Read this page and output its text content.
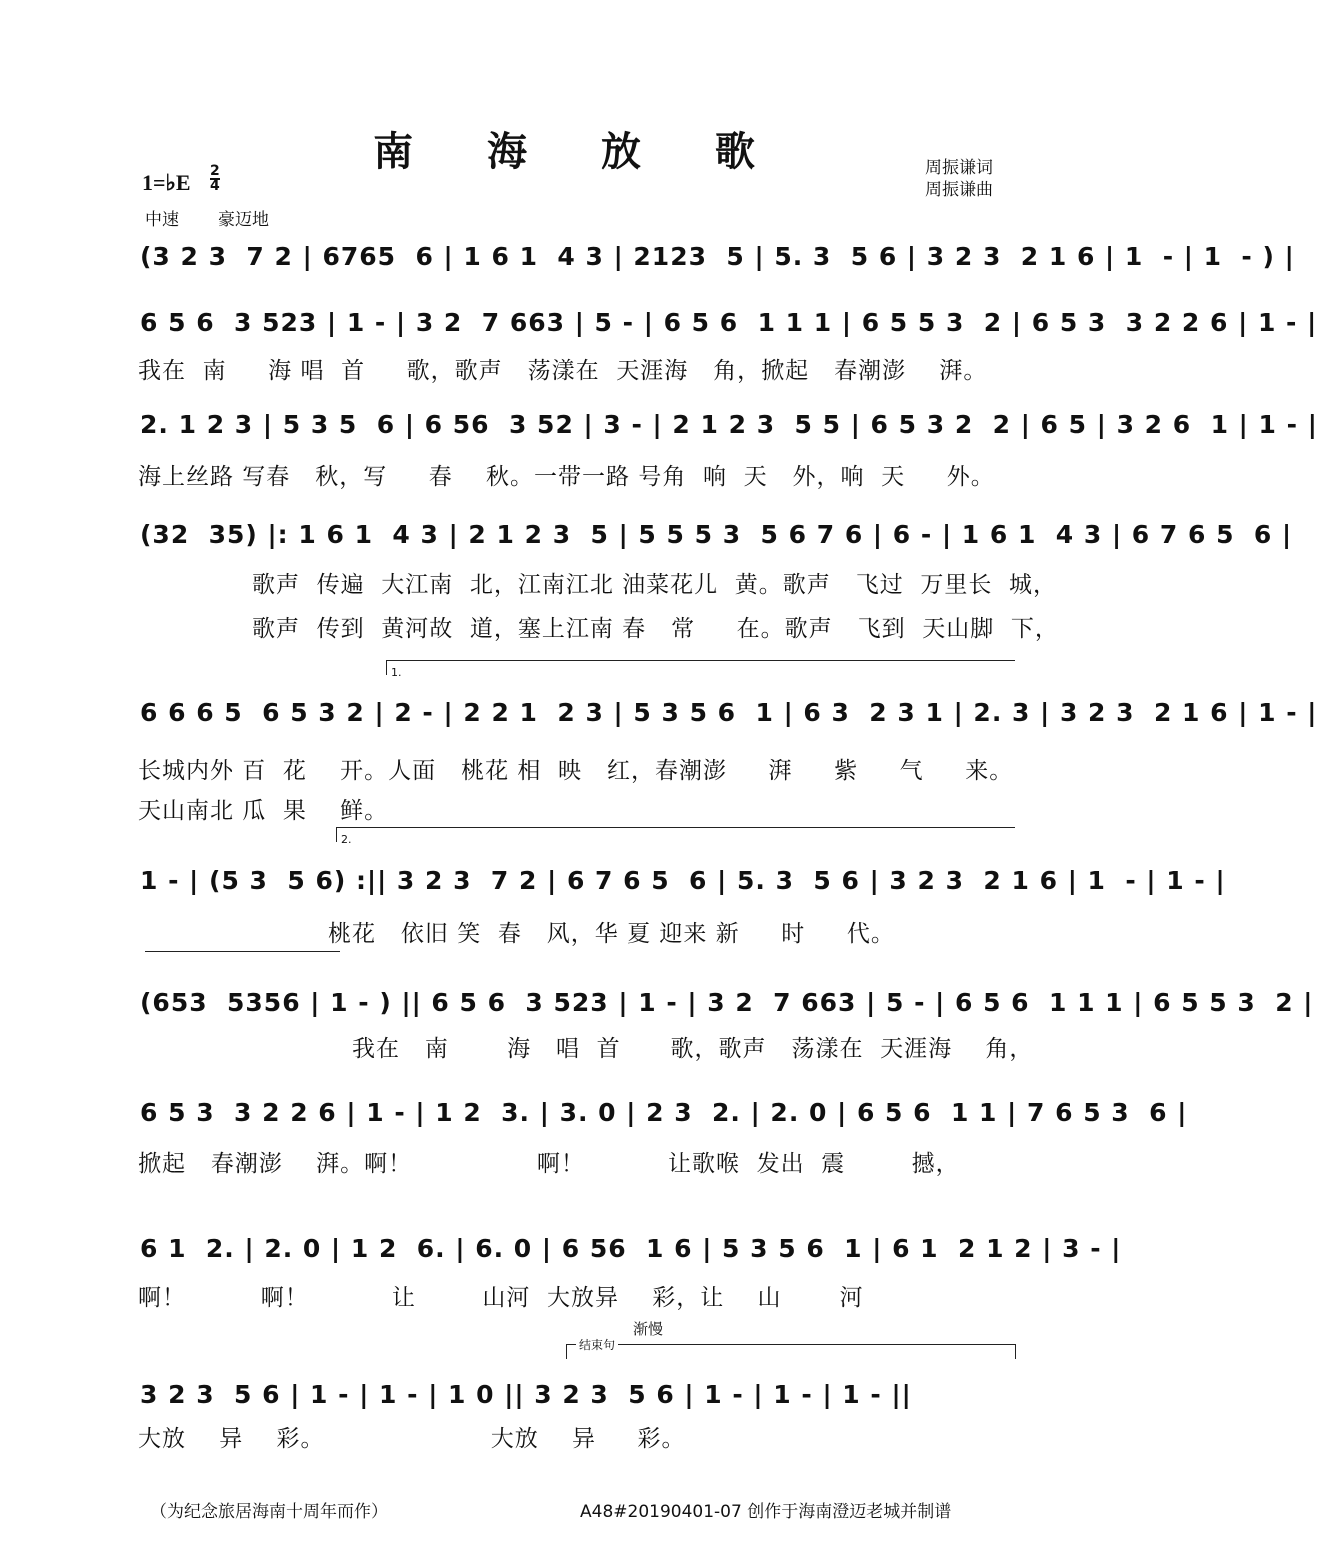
南 海 放 歌	周振谦词
周振谦曲
1=♭E $\frac{2}{4}$
中速 豪迈地
(3 2 3  7 2 | 6765  6 | 1 6 1  4 3 | 2123  5 | 5. 3  5 6 | 3 2 3  2 1 6 | 1  - | 1  - ) |
6 5 6  3 523 | 1 - | 3 2  7 663 | 5 - | 6 5 6  1 1 1 | 6 5 5 3  2 | 6 5 3  3 2 2 6 | 1 - |
我在  南     海 唱  首     歌，歌声   荡漾在  天涯海   角，掀起   春潮澎    湃。
2. 1 2 3 | 5 3 5  6 | 6 56  3 52 | 3 - | 2 1 2 3  5 5 | 6 5 3 2  2 | 6 5 | 3 2 6  1 | 1 - |
海上丝路 写春   秋，写     春    秋。一带一路 号角  响  天   外，响  天     外。
(32  35) |: 1 6 1  4 3 | 2 1 2 3  5 | 5 5 5 3  5 6 7 6 | 6 - | 1 6 1  4 3 | 6 7 6 5  6 |
歌声  传遍  大江南  北，江南江北 油菜花儿  黄。歌声   飞过  万里长  城，
歌声  传到  黄河故  道，塞上江南 春   常     在。歌声   飞到  天山脚  下，
1.
6 6 6 5  6 5 3 2 | 2 - | 2 2 1  2 3 | 5 3 5 6  1 | 6 3  2 3 1 | 2. 3 | 3 2 3  2 1 6 | 1 - |
长城内外 百  花    开。人面   桃花 相  映   红，春潮澎     湃     紫     气     来。
天山南北 瓜  果    鲜。
2.
1 - | (5 3  5 6) :|| 3 2 3  7 2 | 6 7 6 5  6 | 5. 3  5 6 | 3 2 3  2 1 6 | 1  - | 1 - |
桃花   依旧 笑  春   风，华 夏 迎来 新     时     代。
(653  5356 | 1 - ) || 6 5 6  3 523 | 1 - | 3 2  7 663 | 5 - | 6 5 6  1 1 1 | 6 5 5 3  2 |
我在   南       海   唱  首      歌，歌声   荡漾在  天涯海    角，
6 5 3  3 2 2 6 | 1 - | 1 2  3. | 3. 0 | 2 3  2. | 2. 0 | 6 5 6  1 1 | 7 6 5 3  6 |
掀起   春潮澎    湃。啊！               啊！          让歌喉  发出  震        撼，
6 1  2. | 2. 0 | 1 2  6. | 6. 0 | 6 56  1 6 | 5 3 5 6  1 | 6 1  2 1 2 | 3 - |
啊！         啊！          让        山河  大放异    彩，让    山       河
渐慢
结束句
3 2 3  5 6 | 1 - | 1 - | 1 0 || 3 2 3  5 6 | 1 - | 1 - | 1 - ||
大放    异    彩。                    大放    异     彩。
（为纪念旅居海南十周年而作）	A48#20190401-07 创作于海南澄迈老城并制谱
